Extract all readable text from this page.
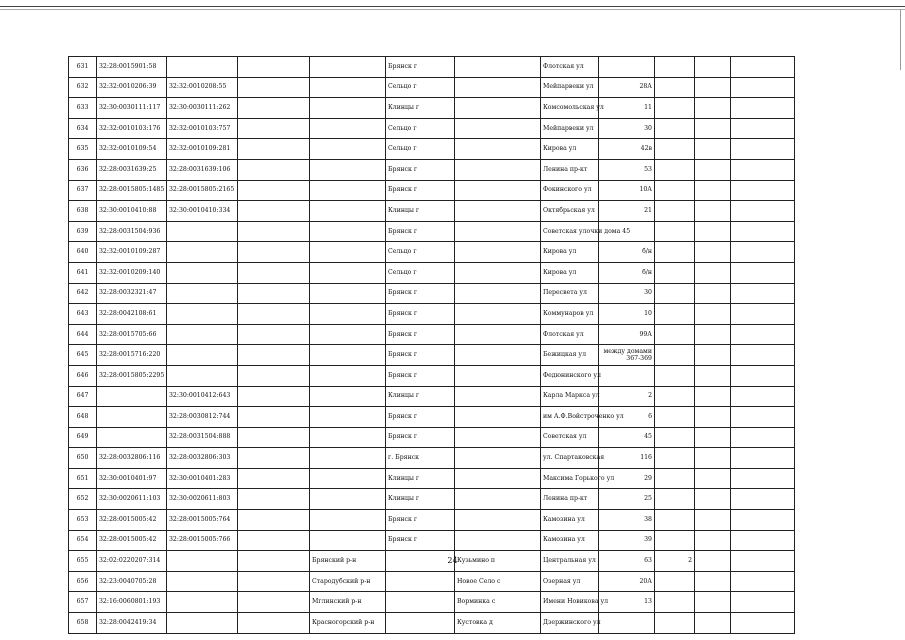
631	32:28:0015901:58				Брянск г		Флотская ул				
632	32:32:0010206:39	32:32:0010208:55			Сельцо г		Мейпарвеки ул	28А			
633	32:30:0030111:117	32:30:0030111:262			Клинцы г		Комсомольская ул	11			
634	32:32:0010103:176	32:32:0010103:757			Сельцо г		Мейпарвеки ул	30			
635	32:32:0010109:54	32:32:0010109:281			Сельцо г		Кирова ул	42в			
636	32:28:0031639:25	32:28:0031639:106			Брянск г		Ленина пр-кт	53			
637	32:28:0015805:1485	32:28:0015805:2165			Брянск г		Фокинского ул	10А			
638	32:30:0010410:88	32:30:0010410:334			Клинцы г		Октябрьская ул	21			
639	32:28:0031504:936				Брянск г		Советская улочки дома 45				
640	32:32:0010109:287				Сельцо г		Кирова ул	б/н			
641	32:32:0010209:140				Сельцо г		Кирова ул	б/н			
642	32:28:0032321:47				Брянск г		Пересвета ул	30			
643	32:28:0042108:61				Брянск г		Коммунаров ул	10			
644	32:28:0015705:66				Брянск г		Флотская ул	99А			
645	32:28:0015716:220				Брянск г		Бежицкая ул	между домами 367-369			
646	32:28:0015805:2295				Брянск г		Федюнинского ул				
647		32:30:0010412:643			Клинцы г		Карла Маркса ул	2			
648		32:28:0030812:744			Брянск г		им А.Ф.Войстроченко ул	6			
649		32:28:0031504:888			Брянск г		Советская ул	45			
650	32:28:0032806:116	32:28:0032806:303			г. Брянск		ул. Спартаковская	116			
651	32:30:0010401:97	32:30:0010401:283			Клинцы г		Максима Горького ул	29			
652	32:30:0020611:103	32:30:0020611:803			Клинцы г		Ленина пр-кт	25			
653	32:28:0015005:42	32:28:0015005:764			Брянск г		Камозина ул	38			
654	32:28:0015005:42	32:28:0015005:766			Брянск г		Камозина ул	39			
655	32:02:0220207:314			Брянский р-н		Кузьмино п	Центральная ул	63	2		
656	32:23:0040705:28			Стародубский р-н		Новое Село с	Озерная ул	20А			
657	32:16:0060801:193			Мглинский р-н		Ворминка с	Имени Новикова ул	13			
658	32:28:0042419:34			Красногорский р-н		Кустовка д	Дзержинского ул				
24
